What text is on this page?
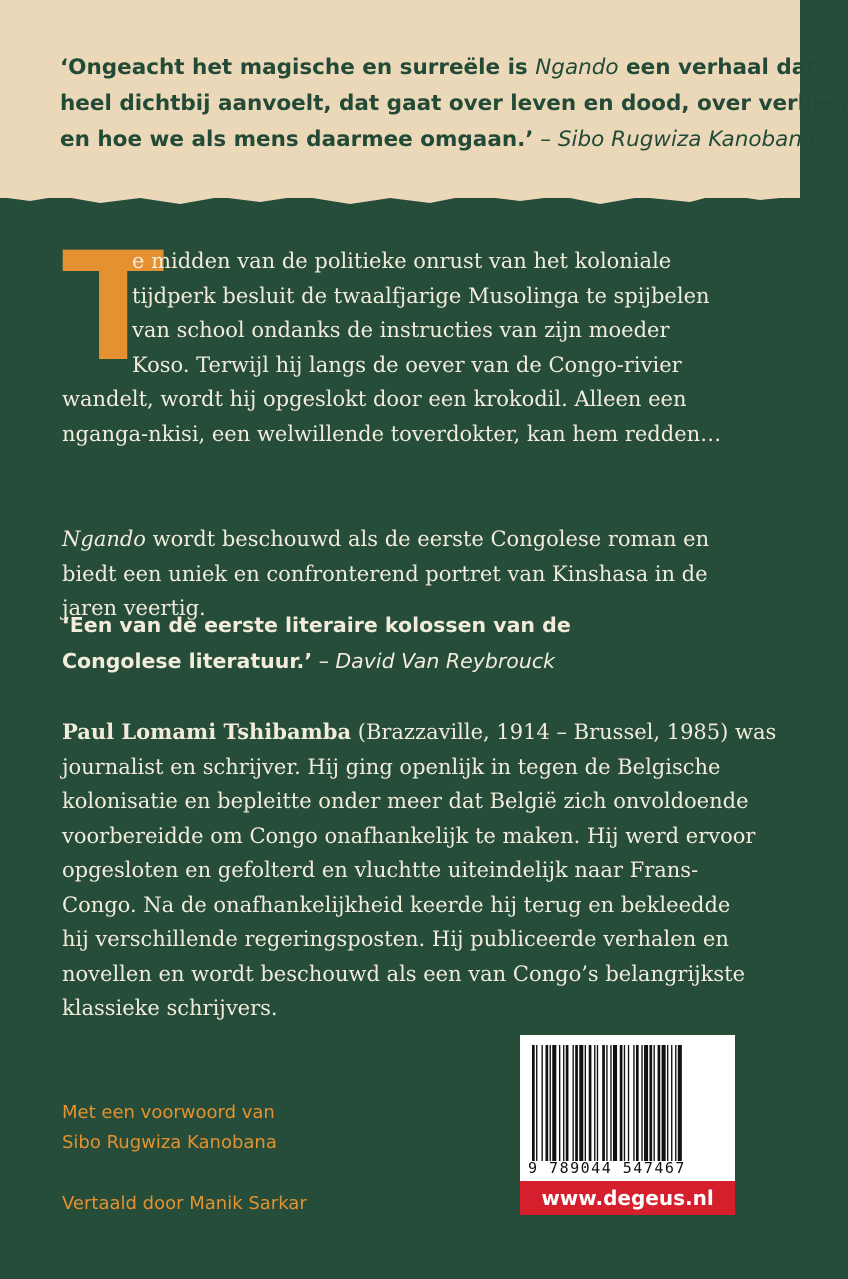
‘Ongeacht het magische en surreële is Ngando een verhaal dat
heel dichtbij aanvoelt, dat gaat over leven en dood, over verlies,
en hoe we als mens daarmee omgaan.’ – Sibo Rugwiza Kanobana
T
e midden van de politieke onrust van het koloniale
tijdperk besluit de twaalfjarige Musolinga te spijbelen
van school ondanks de instructies van zijn moeder
Koso. Terwijl hij langs de oever van de Congo-rivier
wandelt, wordt hij opgeslokt door een krokodil. Alleen een
nganga-nkisi, een welwillende toverdokter, kan hem redden…
Ngando wordt beschouwd als de eerste Congolese roman en
biedt een uniek en confronterend portret van Kinshasa in de
jaren veertig.
‘Een van de eerste literaire kolossen van de
Congolese literatuur.’ – David Van Reybrouck
Paul Lomami Tshibamba (Brazzaville, 1914 – Brussel, 1985) was
journalist en schrijver. Hij ging openlijk in tegen de Belgische
kolonisatie en bepleitte onder meer dat België zich onvoldoende
voorbereidde om Congo onafhankelijk te maken. Hij werd ervoor
opgesloten en gefolterd en vluchtte uiteindelijk naar Frans-
Congo. Na de onafhankelijkheid keerde hij terug en bekleedde
hij verschillende regeringsposten. Hij publiceerde verhalen en
novellen en wordt beschouwd als een van Congo’s belangrijkste
klassieke schrijvers.
Met een voorwoord van
Sibo Rugwiza Kanobana
Vertaald door Manik Sarkar
9 789044 547467
www.degeus.nl
